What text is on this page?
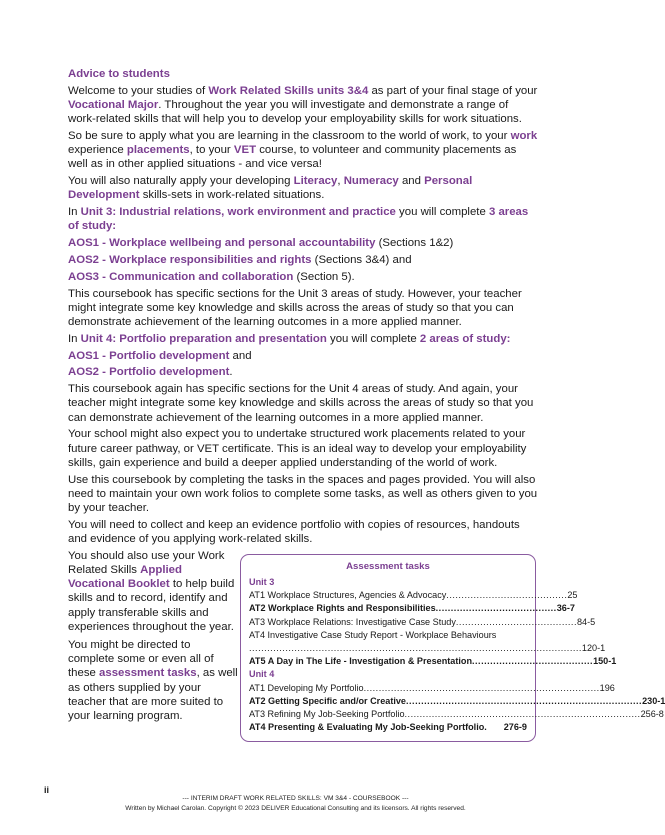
Advice to students

Welcome to your studies of Work Related Skills units 3&4 as part of your final stage of your Vocational Major. Throughout the year you will investigate and demonstrate a range of work-related skills that will help you to develop your employability skills for work situations.

So be sure to apply what you are learning in the classroom to the world of work, to your work experience placements, to your VET course, to volunteer and community placements as well as in other applied situations - and vice versa!

You will also naturally apply your developing Literacy, Numeracy and Personal Development skills-sets in work-related situations.

In Unit 3: Industrial relations, work environment and practice you will complete 3 areas of study:

AOS1 - Workplace wellbeing and personal accountability (Sections 1&2)

AOS2 - Workplace responsibilities and rights (Sections 3&4) and

AOS3 - Communication and collaboration (Section 5).

This coursebook has specific sections for the Unit 3 areas of study. However, your teacher might integrate some key knowledge and skills across the areas of study so that you can demonstrate achievement of the learning outcomes in a more applied manner.

In Unit 4: Portfolio preparation and presentation you will complete 2 areas of study:

AOS1 - Portfolio development and

AOS2 - Portfolio development.

This coursebook again has specific sections for the Unit 4 areas of study. And again, your teacher might integrate some key knowledge and skills across the areas of study so that you can demonstrate achievement of the learning outcomes in a more applied manner.

Your school might also expect you to undertake structured work placements related to your future career pathway, or VET certificate. This is an ideal way to develop your employability skills, gain experience and build a deeper applied understanding of the world of work.

Use this coursebook by completing the tasks in the spaces and pages provided. You will also need to maintain your own work folios to complete some tasks, as well as others given to you by your teacher.

You will need to collect and keep an evidence portfolio with copies of resources, handouts and evidence of you applying work-related skills.

You should also use your Work Related Skills Applied Vocational Booklet to help build skills and to record, identify and apply transferable skills and experiences throughout the year.

You might be directed to complete some or even all of these assessment tasks, as well as others supplied by your teacher that are more suited to your learning program.

Assessment tasks
Unit 3
AT1 Workplace Structures, Agencies & Advocacy ........................................ 25
AT2 Workplace Rights and Responsibilities ........................................ 36-7
AT3 Workplace Relations: Investigative Case Study ........................................ 84-5
AT4 Investigative Case Study Report - Workplace Behaviours
.............................................................................................................. 120-1
AT5 A Day in The Life - Investigation & Presentation ........................................ 150-1
Unit 4
AT1 Developing My Portfolio .............................................................................. 196
AT2 Getting Specific and/or Creative .............................................................................. 230-1
AT3 Refining My Job-Seeking Portfolio .............................................................................. 256-8
AT4 Presenting & Evaluating My Job-Seeking Portfolio .	276-9
ii
--- INTERIM DRAFT WORK RELATED SKILLS: VM 3&4 - COURSEBOOK ---
Written by Michael Carolan. Copyright © 2023 DELIVER Educational Consulting and its licensors. All rights reserved.
